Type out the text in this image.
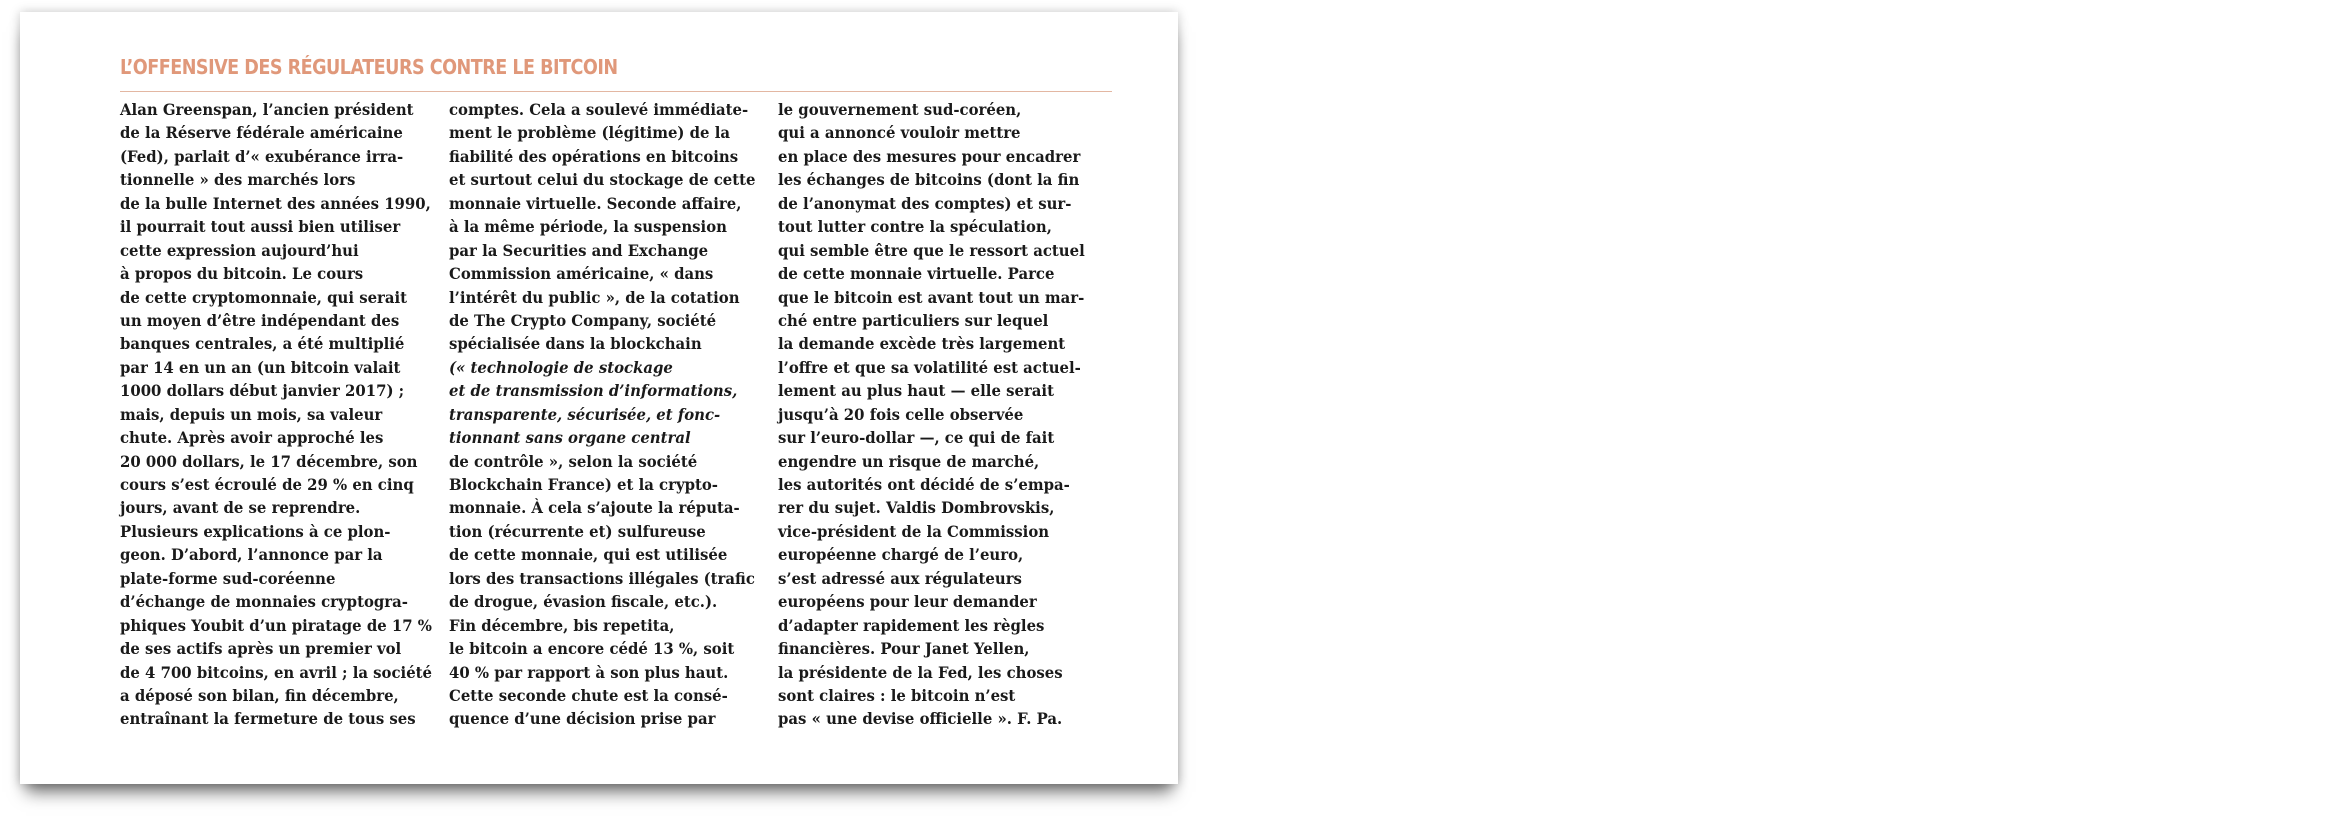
L’OFFENSIVE DES RÉGULATEURS CONTRE LE BITCOIN
Alan Greenspan, l’ancien président
de la Réserve fédérale américaine
(Fed), parlait d’« exubérance irra-
tionnelle » des marchés lors
de la bulle Internet des années 1990,
il pourrait tout aussi bien utiliser
cette expression aujourd’hui
à propos du bitcoin. Le cours
de cette cryptomonnaie, qui serait
un moyen d’être indépendant des
banques centrales, a été multiplié
par 14 en un an (un bitcoin valait
1000 dollars début janvier 2017) ;
mais, depuis un mois, sa valeur
chute. Après avoir approché les
20 000 dollars, le 17 décembre, son
cours s’est écroulé de 29 % en cinq
jours, avant de se reprendre.
Plusieurs explications à ce plon-
geon. D’abord, l’annonce par la
plate-forme sud-coréenne
d’échange de monnaies cryptogra-
phiques Youbit d’un piratage de 17 %
de ses actifs après un premier vol
de 4 700 bitcoins, en avril ; la société
a déposé son bilan, fin décembre,
entraînant la fermeture de tous ses
comptes. Cela a soulevé immédiate-
ment le problème (légitime) de la
fiabilité des opérations en bitcoins
et surtout celui du stockage de cette
monnaie virtuelle. Seconde affaire,
à la même période, la suspension
par la Securities and Exchange
Commission américaine, « dans
l’intérêt du public », de la cotation
de The Crypto Company, société
spécialisée dans la blockchain
(« technologie de stockage
et de transmission d’informations,
transparente, sécurisée, et fonc-
tionnant sans organe central
de contrôle », selon la société
Blockchain France) et la crypto-
monnaie. À cela s’ajoute la réputa-
tion (récurrente et) sulfureuse
de cette monnaie, qui est utilisée
lors des transactions illégales (trafic
de drogue, évasion fiscale, etc.).
Fin décembre, bis repetita,
le bitcoin a encore cédé 13 %, soit
40 % par rapport à son plus haut.
Cette seconde chute est la consé-
quence d’une décision prise par
le gouvernement sud-coréen,
qui a annoncé vouloir mettre
en place des mesures pour encadrer
les échanges de bitcoins (dont la fin
de l’anonymat des comptes) et sur-
tout lutter contre la spéculation,
qui semble être que le ressort actuel
de cette monnaie virtuelle. Parce
que le bitcoin est avant tout un mar-
ché entre particuliers sur lequel
la demande excède très largement
l’offre et que sa volatilité est actuel-
lement au plus haut — elle serait
jusqu’à 20 fois celle observée
sur l’euro-dollar —, ce qui de fait
engendre un risque de marché,
les autorités ont décidé de s’empa-
rer du sujet. Valdis Dombrovskis,
vice-président de la Commission
européenne chargé de l’euro,
s’est adressé aux régulateurs
européens pour leur demander
d’adapter rapidement les règles
financières. Pour Janet Yellen,
la présidente de la Fed, les choses
sont claires : le bitcoin n’est
pas « une devise officielle ». F. Pa.
